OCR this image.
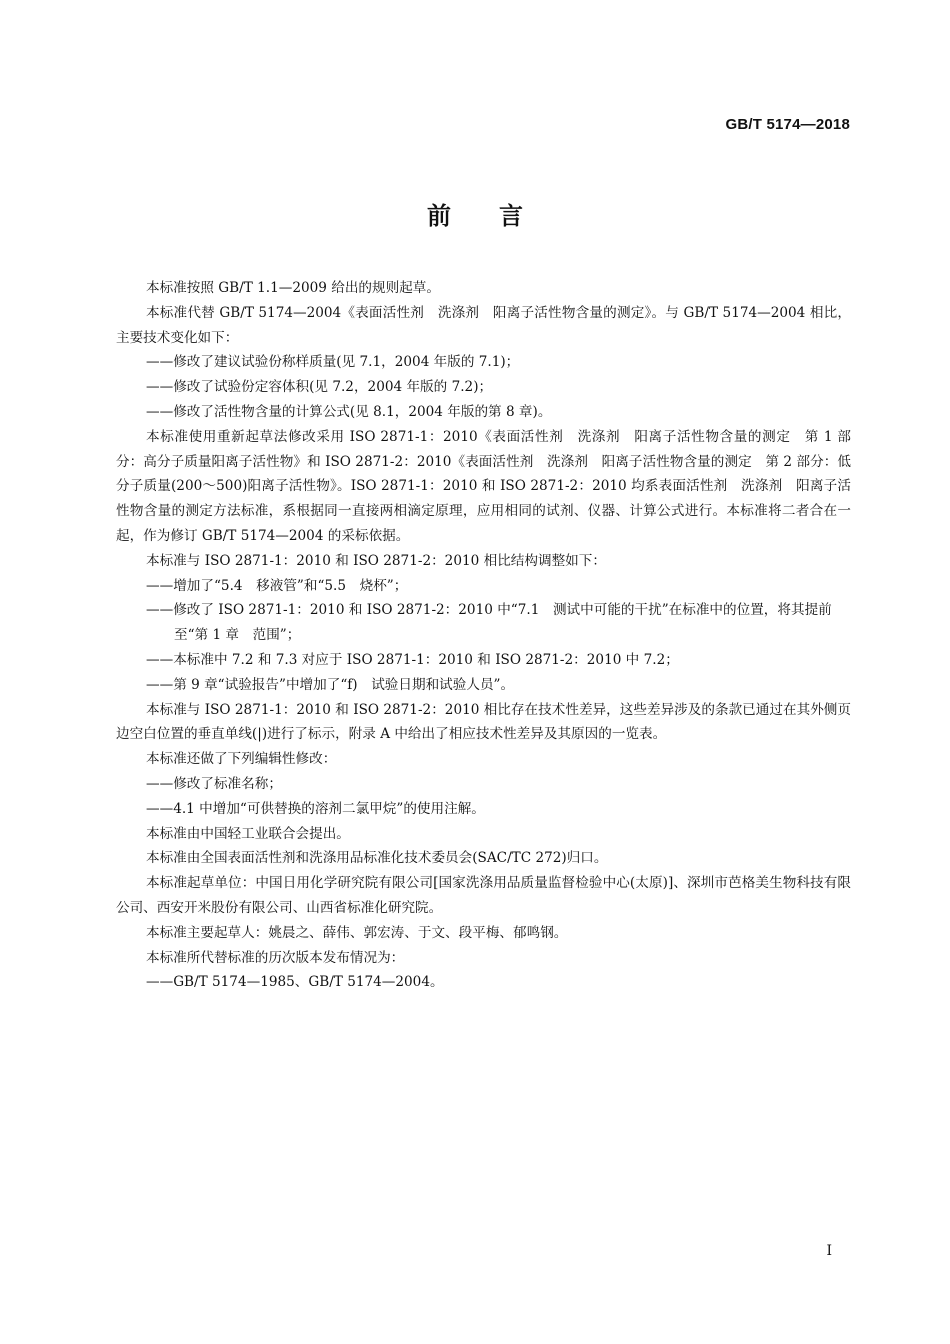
GB/T 5174—2018
前言

本标准按照 GB/T 1.1—2009 给出的规则起草。

本标准代替 GB/T 5174—2004《表面活性剂　洗涤剂　阳离子活性物含量的测定》。与 GB/T 5174—2004 相比，主要技术变化如下：

——修改了建议试验份称样质量(见 7.1，2004 年版的 7.1)；

——修改了试验份定容体积(见 7.2，2004 年版的 7.2)；

——修改了活性物含量的计算公式(见 8.1，2004 年版的第 8 章)。

本标准使用重新起草法修改采用 ISO 2871-1：2010《表面活性剂　洗涤剂　阳离子活性物含量的测定　第 1 部分：高分子质量阳离子活性物》和 ISO 2871-2：2010《表面活性剂　洗涤剂　阳离子活性物含量的测定　第 2 部分：低分子质量(200～500)阳离子活性物》。ISO 2871-1：2010 和 ISO 2871-2：2010 均系表面活性剂　洗涤剂　阳离子活性物含量的测定方法标准，系根据同一直接两相滴定原理，应用相同的试剂、仪器、计算公式进行。本标准将二者合在一起，作为修订 GB/T 5174—2004 的采标依据。

本标准与 ISO 2871-1：2010 和 ISO 2871-2：2010 相比结构调整如下：

——增加了“5.4　移液管”和“5.5　烧杯”；

——修改了 ISO 2871-1：2010 和 ISO 2871-2：2010 中“7.1　测试中可能的干扰”在标准中的位置，将其提前至“第 1 章　范围”；

——本标准中 7.2 和 7.3 对应于 ISO 2871-1：2010 和 ISO 2871-2：2010 中 7.2；

——第 9 章“试验报告”中增加了“f)　试验日期和试验人员”。

本标准与 ISO 2871-1：2010 和 ISO 2871-2：2010 相比存在技术性差异，这些差异涉及的条款已通过在其外侧页边空白位置的垂直单线(|)进行了标示，附录 A 中给出了相应技术性差异及其原因的一览表。

本标准还做了下列编辑性修改：

——修改了标准名称；

——4.1 中增加“可供替换的溶剂二氯甲烷”的使用注解。

本标准由中国轻工业联合会提出。

本标准由全国表面活性剂和洗涤用品标准化技术委员会(SAC/TC 272)归口。

本标准起草单位：中国日用化学研究院有限公司[国家洗涤用品质量监督检验中心(太原)]、深圳市芭格美生物科技有限公司、西安开米股份有限公司、山西省标准化研究院。

本标准主要起草人：姚晨之、薛伟、郭宏涛、于文、段平梅、郁鸣钢。

本标准所代替标准的历次版本发布情况为：

——GB/T 5174—1985、GB/T 5174—2004。

I
